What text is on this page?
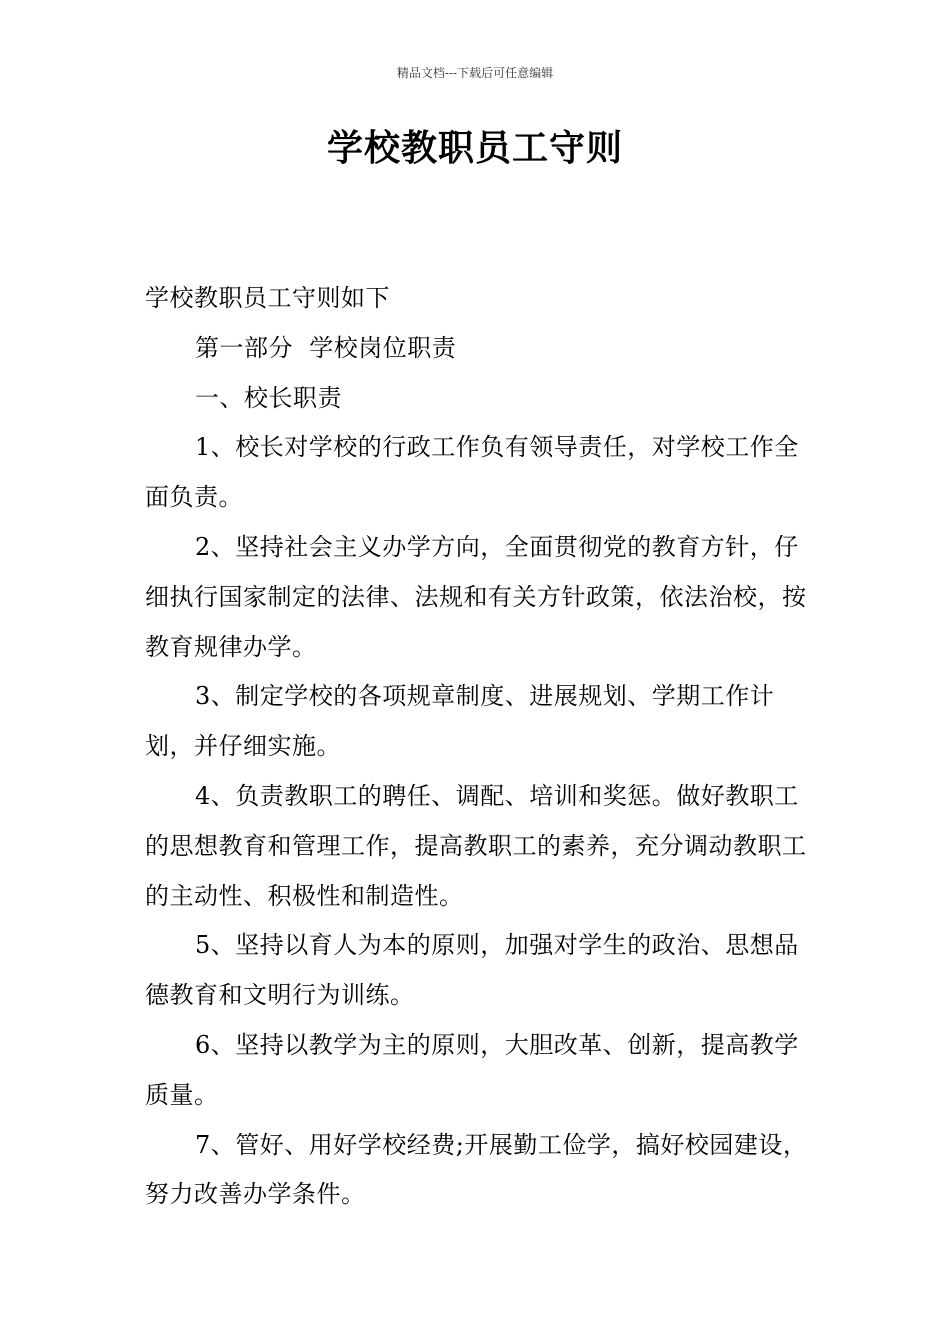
精品文档---下载后可任意编辑
学校教职员工守则

学校教职员工守则如下

第一部分  学校岗位职责

一、校长职责

1、校长对学校的行政工作负有领导责任，对学校工作全面负责。

2、坚持社会主义办学方向，全面贯彻党的教育方针，仔细执行国家制定的法律、法规和有关方针政策，依法治校，按教育规律办学。

3、制定学校的各项规章制度、进展规划、学期工作计划，并仔细实施。

4、负责教职工的聘任、调配、培训和奖惩。做好教职工的思想教育和管理工作，提高教职工的素养，充分调动教职工的主动性、积极性和制造性。

5、坚持以育人为本的原则，加强对学生的政治、思想品德教育和文明行为训练。

6、坚持以教学为主的原则，大胆改革、创新，提高教学质量。

7、管好、用好学校经费;开展勤工俭学，搞好校园建设，努力改善办学条件。
